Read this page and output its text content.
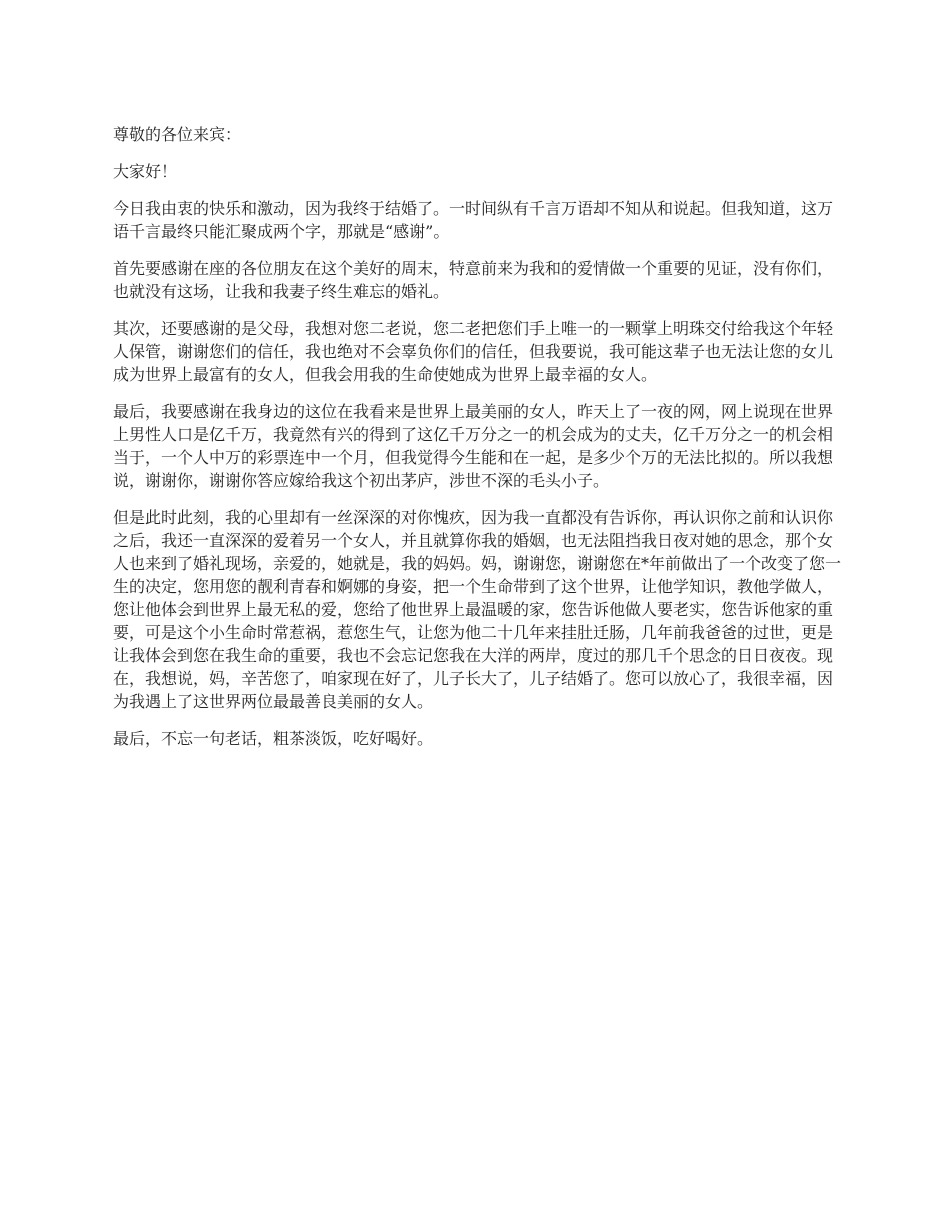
尊敬的各位来宾：

大家好！

今日我由衷的快乐和激动，因为我终于结婚了。一时间纵有千言万语却不知从和说起。但我知道，这万语千言最终只能汇聚成两个字，那就是“感谢”。

首先要感谢在座的各位朋友在这个美好的周末，特意前来为我和的爱情做一个重要的见证，没有你们，也就没有这场，让我和我妻子终生难忘的婚礼。

其次，还要感谢的是父母，我想对您二老说，您二老把您们手上唯一的一颗掌上明珠交付给我这个年轻人保管，谢谢您们的信任，我也绝对不会辜负你们的信任，但我要说，我可能这辈子也无法让您的女儿成为世界上最富有的女人，但我会用我的生命使她成为世界上最幸福的女人。

最后，我要感谢在我身边的这位在我看来是世界上最美丽的女人，昨天上了一夜的网，网上说现在世界上男性人口是亿千万，我竟然有兴的得到了这亿千万分之一的机会成为的丈夫，亿千万分之一的机会相当于，一个人中万的彩票连中一个月，但我觉得今生能和在一起，是多少个万的无法比拟的。所以我想说，谢谢你，谢谢你答应嫁给我这个初出茅庐，涉世不深的毛头小子。

但是此时此刻，我的心里却有一丝深深的对你愧疚，因为我一直都没有告诉你，再认识你之前和认识你之后，我还一直深深的爱着另一个女人，并且就算你我的婚姻，也无法阻挡我日夜对她的思念，那个女人也来到了婚礼现场，亲爱的，她就是，我的妈妈。妈，谢谢您，谢谢您在*年前做出了一个改变了您一生的决定，您用您的靓利青春和婀娜的身姿，把一个生命带到了这个世界，让他学知识，教他学做人，您让他体会到世界上最无私的爱，您给了他世界上最温暖的家，您告诉他做人要老实，您告诉他家的重要，可是这个小生命时常惹祸，惹您生气，让您为他二十几年来挂肚迁肠，几年前我爸爸的过世，更是让我体会到您在我生命的重要，我也不会忘记您我在大洋的两岸，度过的那几千个思念的日日夜夜。现在，我想说，妈，辛苦您了，咱家现在好了，儿子长大了，儿子结婚了。您可以放心了，我很幸福，因为我遇上了这世界两位最最善良美丽的女人。

最后，不忘一句老话，粗茶淡饭，吃好喝好。
